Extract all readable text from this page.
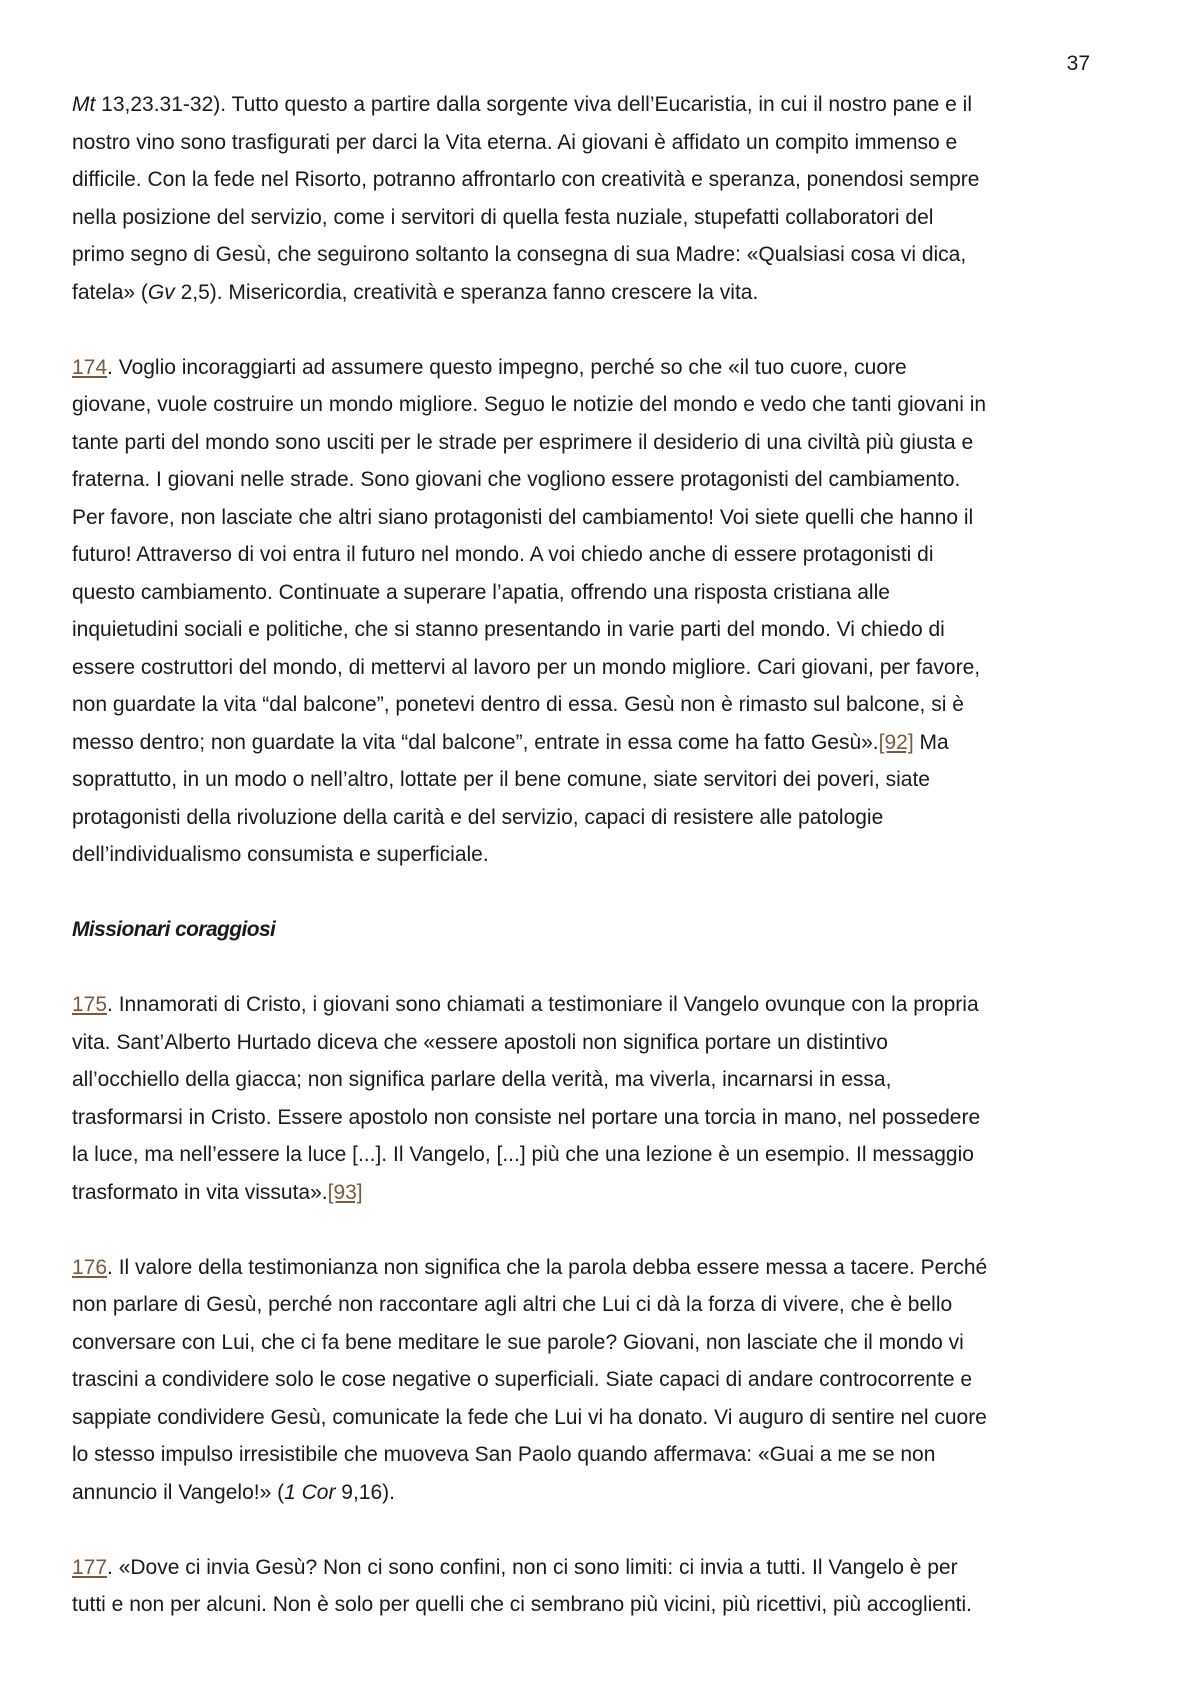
37

Mt 13,23.31-32). Tutto questo a partire dalla sorgente viva dell’Eucaristia, in cui il nostro pane e il
nostro vino sono trasfigurati per darci la Vita eterna. Ai giovani è affidato un compito immenso e
difficile. Con la fede nel Risorto, potranno affrontarlo con creatività e speranza, ponendosi sempre
nella posizione del servizio, come i servitori di quella festa nuziale, stupefatti collaboratori del
primo segno di Gesù, che seguirono soltanto la consegna di sua Madre: «Qualsiasi cosa vi dica,
fatela» (Gv 2,5). Misericordia, creatività e speranza fanno crescere la vita.

174. Voglio incoraggiarti ad assumere questo impegno, perché so che «il tuo cuore, cuore
giovane, vuole costruire un mondo migliore. Seguo le notizie del mondo e vedo che tanti giovani in
tante parti del mondo sono usciti per le strade per esprimere il desiderio di una civiltà più giusta e
fraterna. I giovani nelle strade. Sono giovani che vogliono essere protagonisti del cambiamento.
Per favore, non lasciate che altri siano protagonisti del cambiamento! Voi siete quelli che hanno il
futuro! Attraverso di voi entra il futuro nel mondo. A voi chiedo anche di essere protagonisti di
questo cambiamento. Continuate a superare l’apatia, offrendo una risposta cristiana alle
inquietudini sociali e politiche, che si stanno presentando in varie parti del mondo. Vi chiedo di
essere costruttori del mondo, di mettervi al lavoro per un mondo migliore. Cari giovani, per favore,
non guardate la vita “dal balcone”, ponetevi dentro di essa. Gesù non è rimasto sul balcone, si è
messo dentro; non guardate la vita “dal balcone”, entrate in essa come ha fatto Gesù».[92] Ma
soprattutto, in un modo o nell’altro, lottate per il bene comune, siate servitori dei poveri, siate
protagonisti della rivoluzione della carità e del servizio, capaci di resistere alle patologie
dell’individualismo consumista e superficiale.

Missionari coraggiosi

175. Innamorati di Cristo, i giovani sono chiamati a testimoniare il Vangelo ovunque con la propria
vita. Sant’Alberto Hurtado diceva che «essere apostoli non significa portare un distintivo
all’occhiello della giacca; non significa parlare della verità, ma viverla, incarnarsi in essa,
trasformarsi in Cristo. Essere apostolo non consiste nel portare una torcia in mano, nel possedere
la luce, ma nell’essere la luce [...]. Il Vangelo, [...] più che una lezione è un esempio. Il messaggio
trasformato in vita vissuta».[93]

176. Il valore della testimonianza non significa che la parola debba essere messa a tacere. Perché
non parlare di Gesù, perché non raccontare agli altri che Lui ci dà la forza di vivere, che è bello
conversare con Lui, che ci fa bene meditare le sue parole? Giovani, non lasciate che il mondo vi
trascini a condividere solo le cose negative o superficiali. Siate capaci di andare controcorrente e
sappiate condividere Gesù, comunicate la fede che Lui vi ha donato. Vi auguro di sentire nel cuore
lo stesso impulso irresistibile che muoveva San Paolo quando affermava: «Guai a me se non
annuncio il Vangelo!» (1 Cor 9,16).

177. «Dove ci invia Gesù? Non ci sono confini, non ci sono limiti: ci invia a tutti. Il Vangelo è per
tutti e non per alcuni. Non è solo per quelli che ci sembrano più vicini, più ricettivi, più accoglienti.
